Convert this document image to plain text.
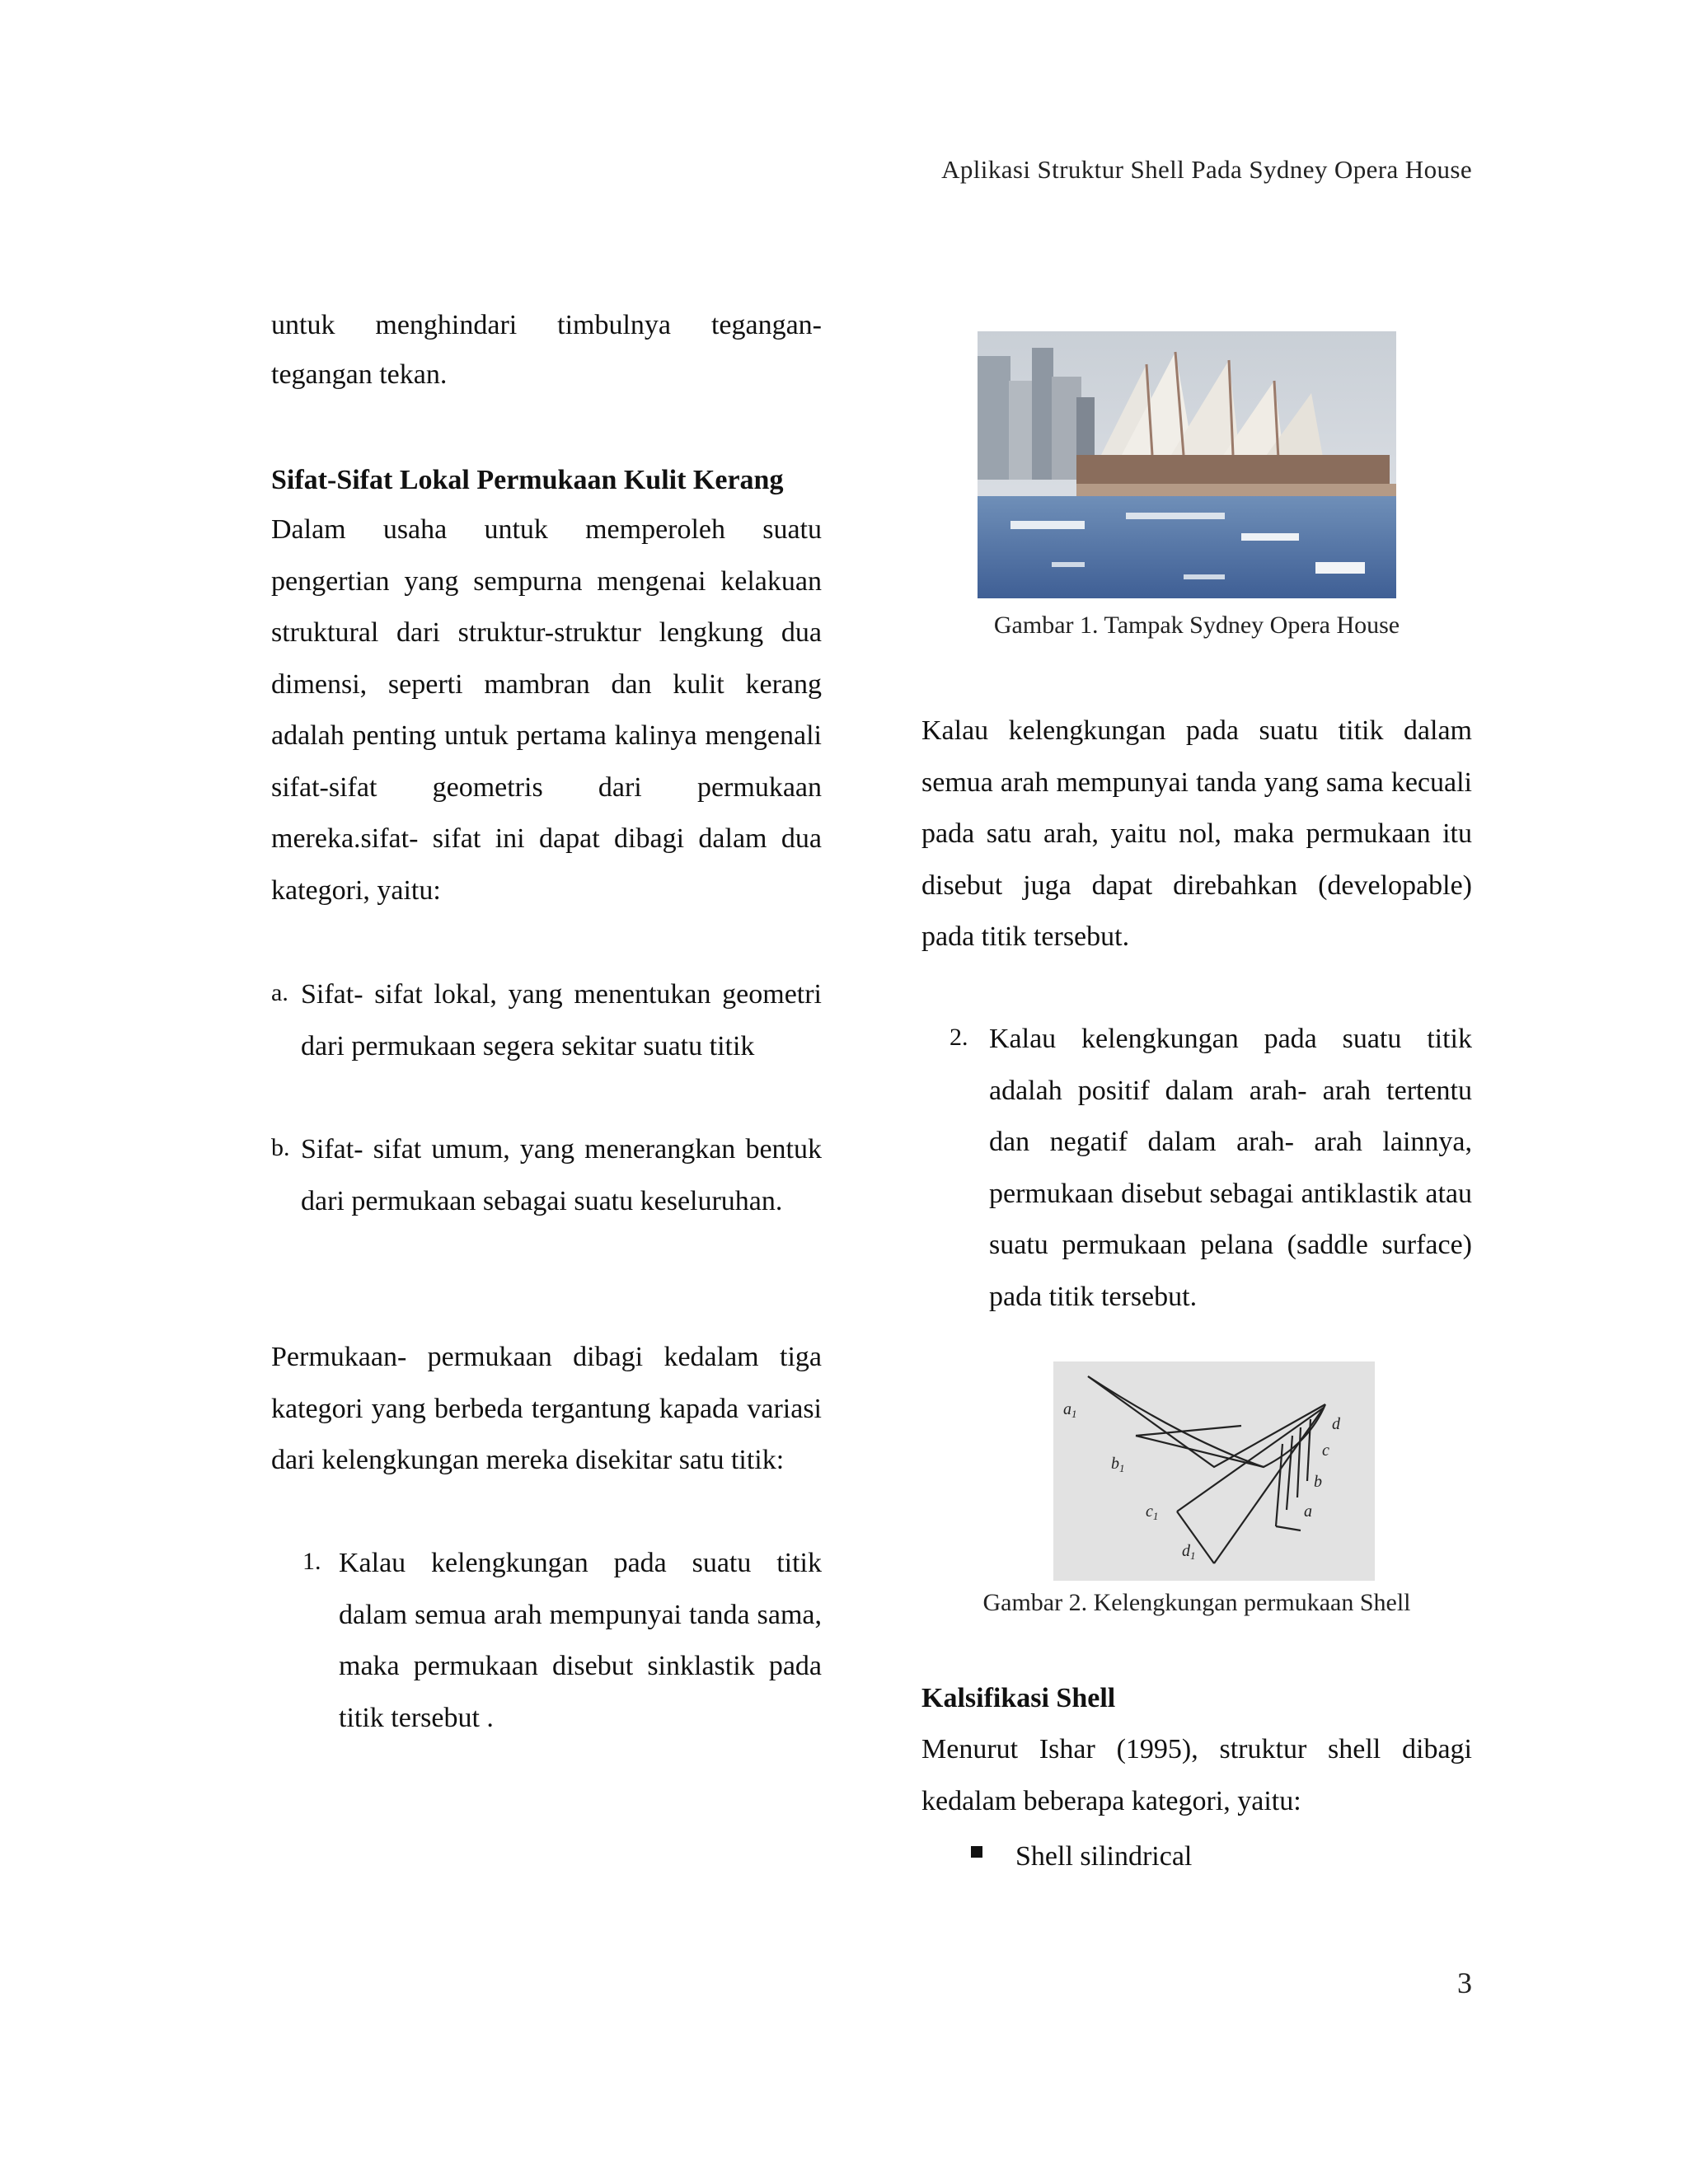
Aplikasi Struktur Shell Pada Sydney Opera House

untuk menghindari timbulnya tegangan-

tegangan tekan.

Sifat-Sifat Lokal Permukaan Kulit Kerang

Dalam usaha untuk memperoleh suatu pengertian yang sempurna mengenai kelakuan struktural dari struktur-struktur lengkung dua dimensi, seperti mambran dan kulit kerang adalah penting untuk pertama kalinya mengenali sifat-sifat geometris dari permukaan mereka.sifat- sifat ini dapat dibagi dalam dua kategori, yaitu:

a. Sifat- sifat lokal, yang menentukan geometri dari permukaan segera sekitar suatu titik
b. Sifat- sifat umum, yang menerangkan bentuk dari permukaan sebagai suatu keseluruhan.

Permukaan- permukaan dibagi kedalam tiga kategori yang berbeda tergantung kapada variasi dari kelengkungan mereka disekitar satu titik:

1. Kalau kelengkungan pada suatu titik dalam semua arah mempunyai tanda sama, maka permukaan disebut sinklastik pada titik tersebut .
Gambar 1. Tampak Sydney Opera House

Kalau kelengkungan pada suatu titik dalam semua arah mempunyai tanda yang sama kecuali pada satu arah, yaitu nol, maka permukaan itu disebut juga dapat direbahkan (developable) pada titik tersebut.

2. Kalau kelengkungan pada suatu titik adalah positif dalam arah- arah tertentu dan negatif dalam arah- arah lainnya, permukaan disebut sebagai antiklastik atau suatu permukaan pelana (saddle surface) pada titik tersebut.
$a_1$
$b_1$
$c_1$
$d_1$
d
c
b
a
Gambar 2. Kelengkungan permukaan Shell
Kalsifikasi Shell

Menurut Ishar (1995), struktur shell dibagi kedalam beberapa kategori, yaitu:

Shell silindrical
3
